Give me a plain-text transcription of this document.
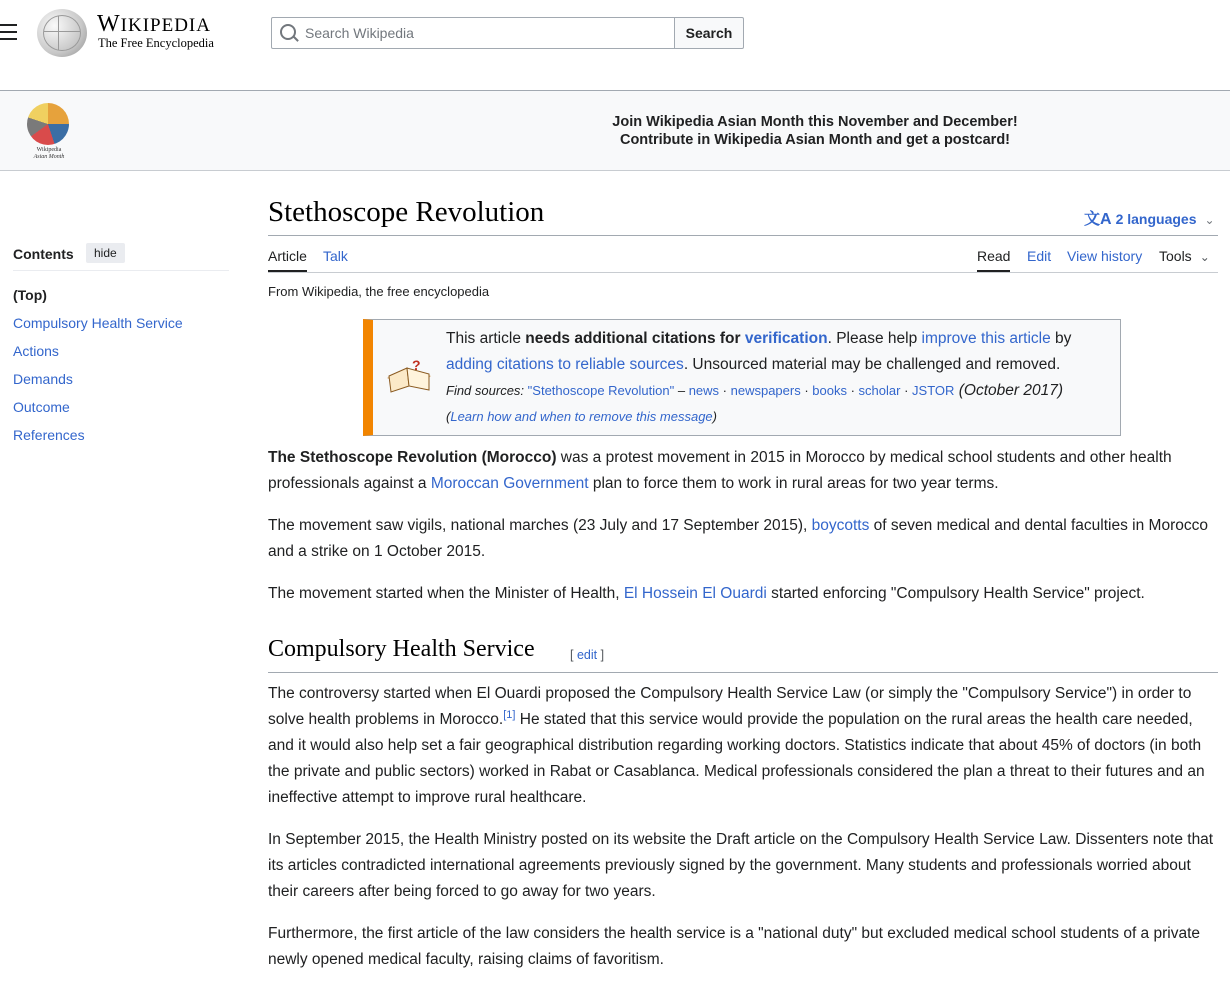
WIKIPEDIA
The Free Encyclopedia
Search Wikipedia
Search
Wikipedia
Asian Month
Join Wikipedia Asian Month this November and December!
Contribute in Wikipedia Asian Month and get a postcard!
Contents	hide
(Top)
Compulsory Health Service
Actions
Demands
Outcome
References
Stethoscope Revolution	文A 2 languages ⌄
Article Talk	Read Edit View history Tools ⌄
From Wikipedia, the free encyclopedia
?
This article needs additional citations for verification. Please help improve this article by adding citations to reliable sources. Unsourced material may be challenged and removed.
Find sources: "Stethoscope Revolution" – news · newspapers · books · scholar · JSTOR (October 2017)
(Learn how and when to remove this message)

The Stethoscope Revolution (Morocco) was a protest movement in 2015 in Morocco by medical school students and other health professionals against a Moroccan Government plan to force them to work in rural areas for two year terms.

The movement saw vigils, national marches (23 July and 17 September 2015), boycotts of seven medical and dental faculties in Morocco and a strike on 1 October 2015.

The movement started when the Minister of Health, El Hossein El Ouardi started enforcing "Compulsory Health Service" project.

Compulsory Health Service	[ edit ]

The controversy started when El Ouardi proposed the Compulsory Health Service Law (or simply the "Compulsory Service") in order to solve health problems in Morocco.[1] He stated that this service would provide the population on the rural areas the health care needed, and it would also help set a fair geographical distribution regarding working doctors. Statistics indicate that about 45% of doctors (in both the private and public sectors) worked in Rabat or Casablanca. Medical professionals considered the plan a threat to their futures and an ineffective attempt to improve rural healthcare.

In September 2015, the Health Ministry posted on its website the Draft article on the Compulsory Health Service Law. Dissenters note that its articles contradicted international agreements previously signed by the government. Many students and professionals worried about their careers after being forced to go away for two years.

Furthermore, the first article of the law considers the health service is a "national duty" but excluded medical school students of a private newly opened medical faculty, raising claims of favoritism.
